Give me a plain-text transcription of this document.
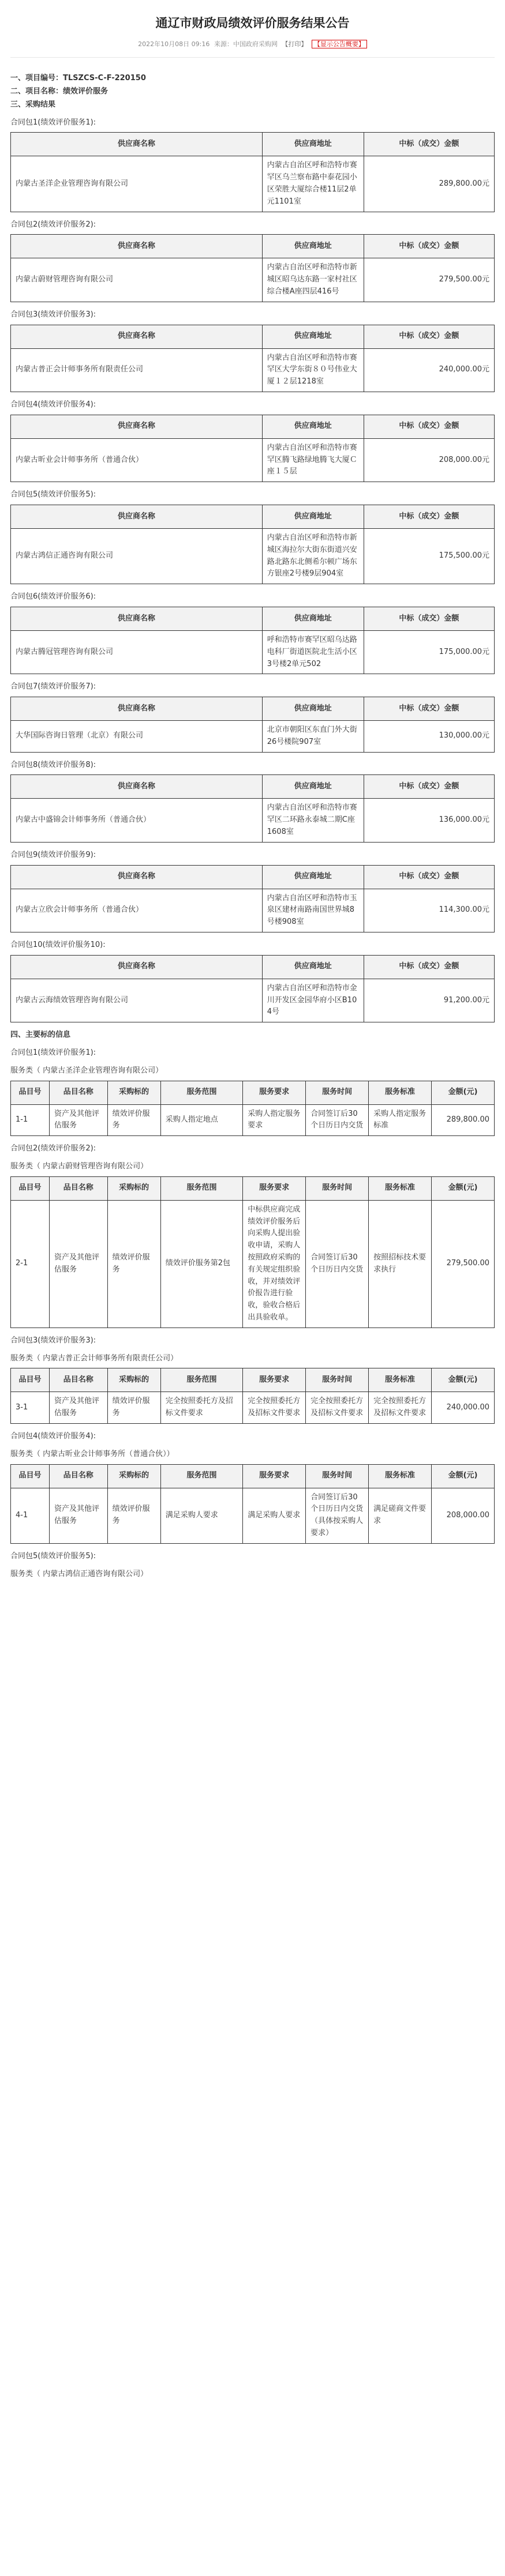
通辽市财政局绩效评价服务结果公告
2022年10月08日 09:16 来源：中国政府采购网 【打印】 【显示公告概要】
一、项目编号：TLSZCS-C-F-220150
二、项目名称：绩效评价服务
三、采购结果
合同包1(绩效评价服务1):
供应商名称	供应商地址	中标（成交）金额
内蒙古圣洋企业管理咨询有限公司	内蒙古自治区呼和浩特市赛罕区乌兰察布路中泰花园小区荣胜大厦综合楼11层2单元1101室	289,800.00元
合同包2(绩效评价服务2):
供应商名称	供应商地址	中标（成交）金额
内蒙古蔚财管理咨询有限公司	内蒙古自治区呼和浩特市新城区昭乌达东路一家村社区综合楼A座四层416号	279,500.00元
合同包3(绩效评价服务3):
供应商名称	供应商地址	中标（成交）金额
内蒙古普正会计师事务所有限责任公司	内蒙古自治区呼和浩特市赛罕区大学东街８０号伟业大厦１２层1218室	240,000.00元
合同包4(绩效评价服务4):
供应商名称	供应商地址	中标（成交）金额
内蒙古昕业会计师事务所（普通合伙）	内蒙古自治区呼和浩特市赛罕区腾飞路绿地腾飞大厦Ｃ座１５层	208,000.00元
合同包5(绩效评价服务5):
供应商名称	供应商地址	中标（成交）金额
内蒙古鸿信正通咨询有限公司	内蒙古自治区呼和浩特市新城区海拉尔大街东街道兴安路北路东北侧希尔顿广场东方银座2号楼9层904室	175,500.00元
合同包6(绩效评价服务6):
供应商名称	供应商地址	中标（成交）金额
内蒙古腾冠管理咨询有限公司	呼和浩特市赛罕区昭乌达路电科厂街道医院北生活小区3号楼2单元502	175,000.00元
合同包7(绩效评价服务7):
供应商名称	供应商地址	中标（成交）金额
大华国际咨询日管理（北京）有限公司	北京市朝阳区东直门外大街26号楼院907室	130,000.00元
合同包8(绩效评价服务8):
供应商名称	供应商地址	中标（成交）金额
内蒙古中盛锦会计师事务所（普通合伙）	内蒙古自治区呼和浩特市赛罕区二环路永泰城二期C座1608室	136,000.00元
合同包9(绩效评价服务9):
供应商名称	供应商地址	中标（成交）金额
内蒙古立欣会计师事务所（普通合伙）	内蒙古自治区呼和浩特市玉泉区建材南路南国世界城8号楼908室	114,300.00元
合同包10(绩效评价服务10):
供应商名称	供应商地址	中标（成交）金额
内蒙古云海绩效管理咨询有限公司	内蒙古自治区呼和浩特市金川开发区金园华府小区B104号	91,200.00元
四、主要标的信息
合同包1(绩效评价服务1):
服务类（ 内蒙古圣洋企业管理咨询有限公司）
品目号	品目名称	采购标的	服务范围	服务要求	服务时间	服务标准	金额(元)
1-1	资产及其他评估服务	绩效评价服务	采购人指定地点	采购人指定服务要求	合同签订后30个日历日内交货	采购人指定服务标准	289,800.00
合同包2(绩效评价服务2):
服务类（ 内蒙古蔚财管理咨询有限公司）
品目号	品目名称	采购标的	服务范围	服务要求	服务时间	服务标准	金额(元)
2-1	资产及其他评估服务	绩效评价服务	绩效评价服务第2包	中标供应商完成绩效评价服务后向采购人提出验收申请，采购人按照政府采购的有关规定组织验收，并对绩效评价报告进行验收，验收合格后出具验收单。	合同签订后30个日历日内交货	按照招标技术要求执行	279,500.00
合同包3(绩效评价服务3):
服务类（ 内蒙古普正会计师事务所有限责任公司）
品目号	品目名称	采购标的	服务范围	服务要求	服务时间	服务标准	金额(元)
3-1	资产及其他评估服务	绩效评价服务	完全按照委托方及招标文件要求	完全按照委托方及招标文件要求	完全按照委托方及招标文件要求	完全按照委托方及招标文件要求	240,000.00
合同包4(绩效评价服务4):
服务类（ 内蒙古昕业会计师事务所（普通合伙））
品目号	品目名称	采购标的	服务范围	服务要求	服务时间	服务标准	金额(元)
4-1	资产及其他评估服务	绩效评价服务	满足采购人要求	满足采购人要求	合同签订后30个日历日内交货（具体按采购人要求）	满足磋商文件要求	208,000.00
合同包5(绩效评价服务5):
服务类（ 内蒙古鸿信正通咨询有限公司）
